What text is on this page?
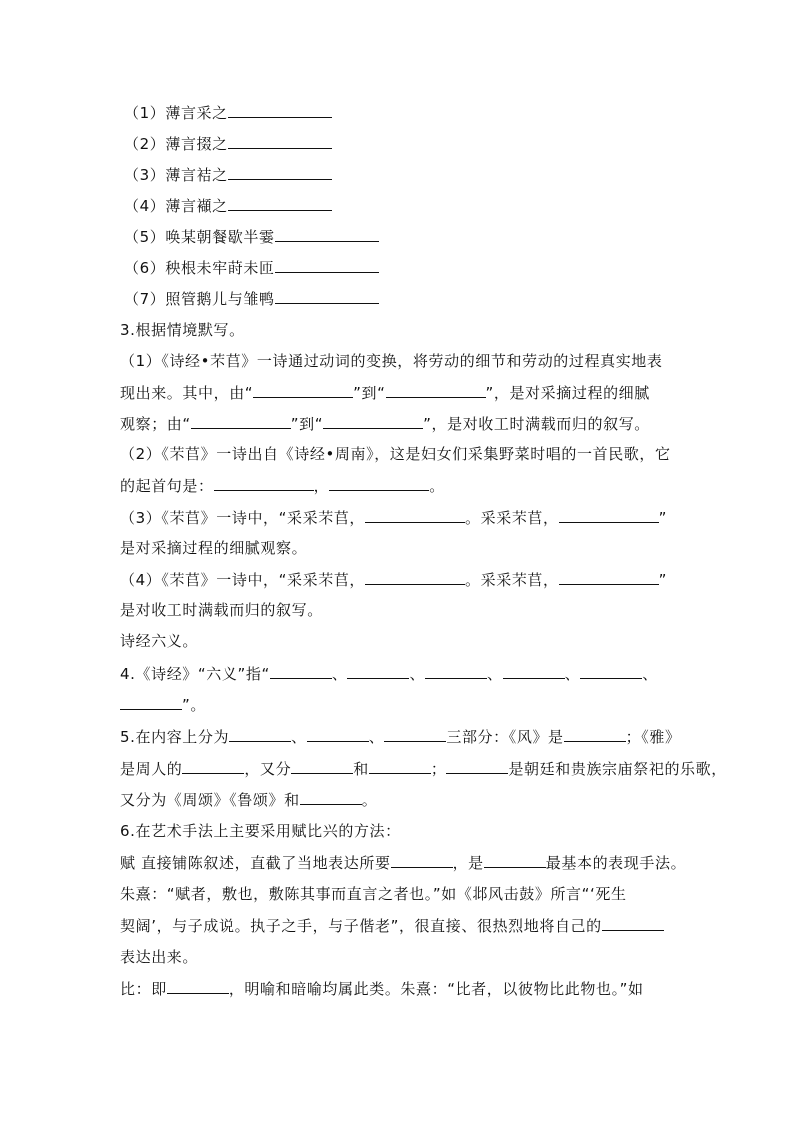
（1）薄言采之
（2）薄言掇之
（3）薄言袺之
（4）薄言襭之
（5）唤某朝餐歇半霎
（6）秧根未牢莳未匝
（7）照管鹅儿与雏鸭
3.根据情境默写。
（1）《诗经•芣苢》一诗通过动词的变换，将劳动的细节和劳动的过程真实地表
现出来。其中，由“	”到“	”，是对采摘过程的细腻
观察；由“	”到“	”，是对收工时满载而归的叙写。
（2）《芣苢》一诗出自《诗经•周南》，这是妇女们采集野菜时唱的一首民歌，它
的起首句是：	，	。
（3）《芣苢》一诗中，“采采芣苢，	。采采芣苢，	”
是对采摘过程的细腻观察。
（4）《芣苢》一诗中，“采采芣苢，	。采采芣苢，	”
是对收工时满载而归的叙写。
诗经六义。
4.《诗经》“六义”指“	、	、	、	、	、
”。
5.在内容上分为	、	、	三部分：《风》是	；《雅》
是周人的	，又分	和	；	是朝廷和贵族宗庙祭祀的乐歌，
又分为《周颂》《鲁颂》和	。
6.在艺术手法上主要采用赋比兴的方法：
赋 直接铺陈叙述，直截了当地表达所要	，是	最基本的表现手法。
朱熹：“赋者，敷也，敷陈其事而直言之者也。”如《邶风击鼓》所言“‘死生
契阔’，与子成说。执子之手，与子偕老”，很直接、很热烈地将自己的
表达出来。
比：即	，明喻和暗喻均属此类。朱熹：“比者，以彼物比此物也。”如
